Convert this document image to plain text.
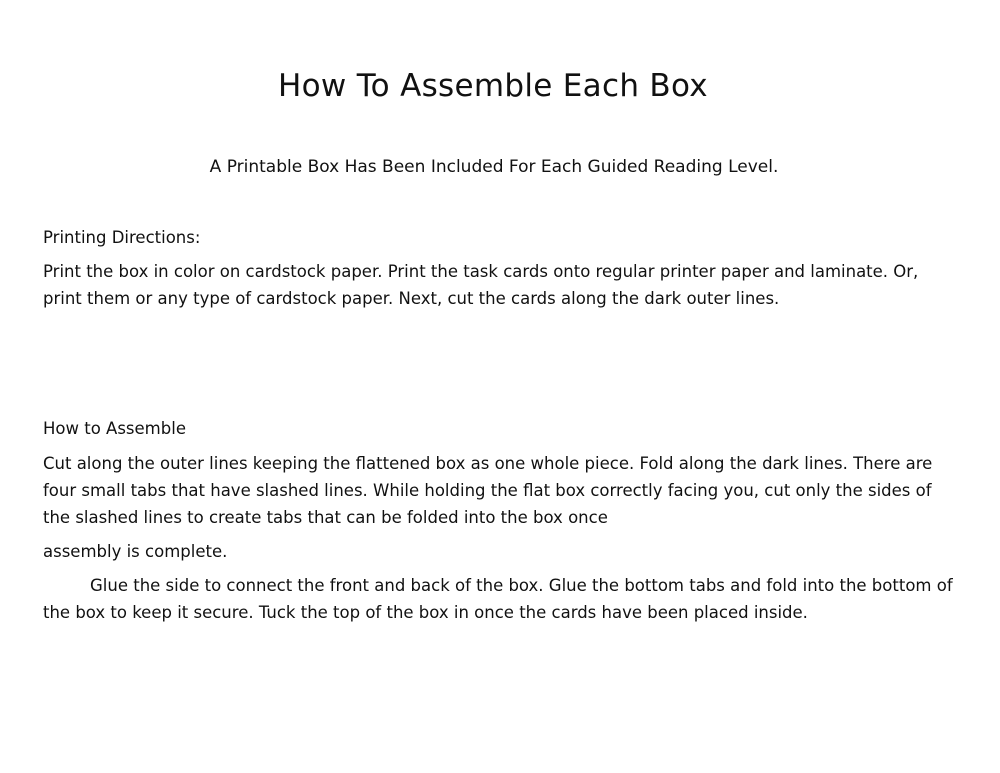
How To Assemble Each Box

A Printable Box Has Been Included For Each Guided Reading Level.

Printing Directions:

Print the box in color on cardstock paper. Print the task cards onto regular printer paper and laminate. Or, print them or any type of cardstock paper. Next, cut the cards along the dark outer lines.

How to Assemble

Cut along the outer lines keeping the flattened box as one whole piece. Fold along the dark lines. There are four small tabs that have slashed lines. While holding the flat box correctly facing you, cut only the sides of the slashed lines to create tabs that can be folded into the box once

assembly is complete.

Glue the side to connect the front and back of the box. Glue the bottom tabs and fold into the bottom of the box to keep it secure. Tuck the top of the box in once the cards have been placed inside.
